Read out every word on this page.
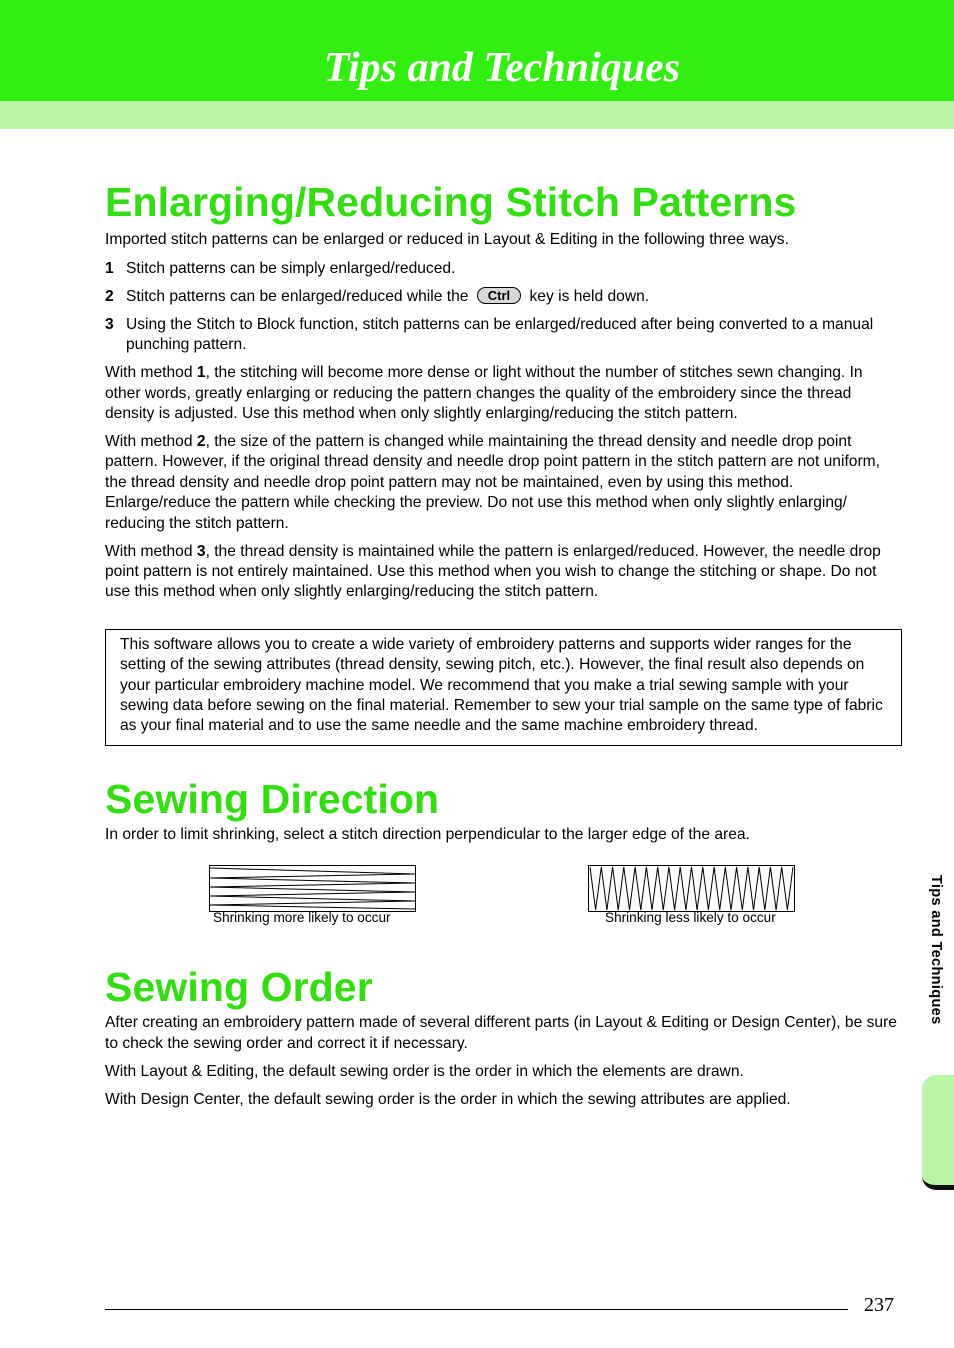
Tips and Techniques
Enlarging/Reducing Stitch Patterns

Imported stitch patterns can be enlarged or reduced in Layout & Editing in the following three ways.

1 Stitch patterns can be simply enlarged/reduced.
2 Stitch patterns can be enlarged/reduced while the Ctrl key is held down.
3 Using the Stitch to Block function, stitch patterns can be enlarged/reduced after being converted to a manual punching pattern.

With method 1, the stitching will become more dense or light without the number of stitches sewn changing. In other words, greatly enlarging or reducing the pattern changes the quality of the embroidery since the thread density is adjusted. Use this method when only slightly enlarging/reducing the stitch pattern.

With method 2, the size of the pattern is changed while maintaining the thread density and needle drop point pattern. However, if the original thread density and needle drop point pattern in the stitch pattern are not uniform, the thread density and needle drop point pattern may not be maintained, even by using this method. Enlarge/reduce the pattern while checking the preview. Do not use this method when only slightly enlarging/ reducing the stitch pattern.

With method 3, the thread density is maintained while the pattern is enlarged/reduced. However, the needle drop point pattern is not entirely maintained. Use this method when you wish to change the stitching or shape. Do not use this method when only slightly enlarging/reducing the stitch pattern.

This software allows you to create a wide variety of embroidery patterns and supports wider ranges for the setting of the sewing attributes (thread density, sewing pitch, etc.). However, the final result also depends on your particular embroidery machine model. We recommend that you make a trial sewing sample with your sewing data before sewing on the final material. Remember to sew your trial sample on the same type of fabric as your final material and to use the same needle and the same machine embroidery thread.

Sewing Direction

In order to limit shrinking, select a stitch direction perpendicular to the larger edge of the area.

Shrinking more likely to occur	Shrinking less likely to occur
Sewing Order

After creating an embroidery pattern made of several different parts (in Layout & Editing or Design Center), be sure to check the sewing order and correct it if necessary.

With Layout & Editing, the default sewing order is the order in which the elements are drawn.

With Design Center, the default sewing order is the order in which the sewing attributes are applied.

Tips and Techniques
237
